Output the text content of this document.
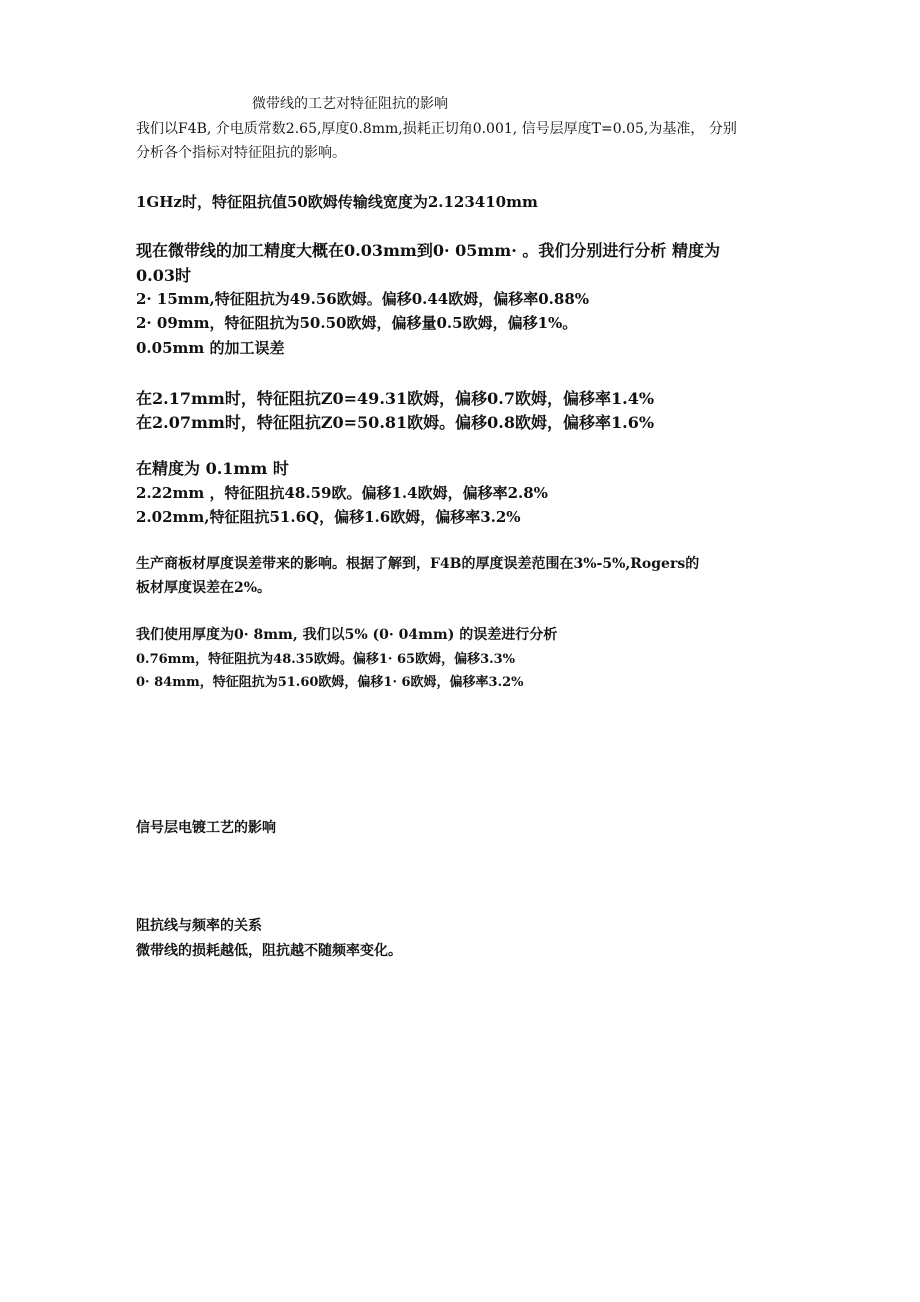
微带线的工艺对特征阻抗的影响
我们以F4B, 介电质常数2.65,厚度0.8mm,损耗正切角0.001, 信号层厚度T=0.05,为基准， 分别
分析各个指标对特征阻抗的影响。
1GHz时，特征阻抗值50欧姆传输线宽度为2.123410mm
现在微带线的加工精度大概在0.03mm到0· 05mm· 。我们分别进行分析 精度为
0.03时
2· 15mm,特征阻抗为49.56欧姆。偏移0.44欧姆，偏移率0.88%
2· 09mm，特征阻抗为50.50欧姆，偏移量0.5欧姆，偏移1%。
0.05mm 的加工误差
在2.17mm时，特征阻抗Z0=49.31欧姆，偏移0.7欧姆，偏移率1.4%
在2.07mm时，特征阻抗Z0=50.81欧姆。偏移0.8欧姆，偏移率1.6%
在精度为 0.1mm 时
2.22mm ，特征阻抗48.59欧。偏移1.4欧姆，偏移率2.8%
2.02mm,特征阻抗51.6Q，偏移1.6欧姆，偏移率3.2%
生产商板材厚度误差带来的影响。根据了解到，F4B的厚度误差范围在3%-5%,Rogers的
板材厚度误差在2%。
我们使用厚度为0· 8mm, 我们以5% (0· 04mm) 的误差进行分析
0.76mm，特征阻抗为48.35欧姆。偏移1· 65欧姆，偏移3.3%
0· 84mm，特征阻抗为51.60欧姆，偏移1· 6欧姆，偏移率3.2%
信号层电镀工艺的影响
阻抗线与频率的关系
微带线的损耗越低，阻抗越不随频率变化。
